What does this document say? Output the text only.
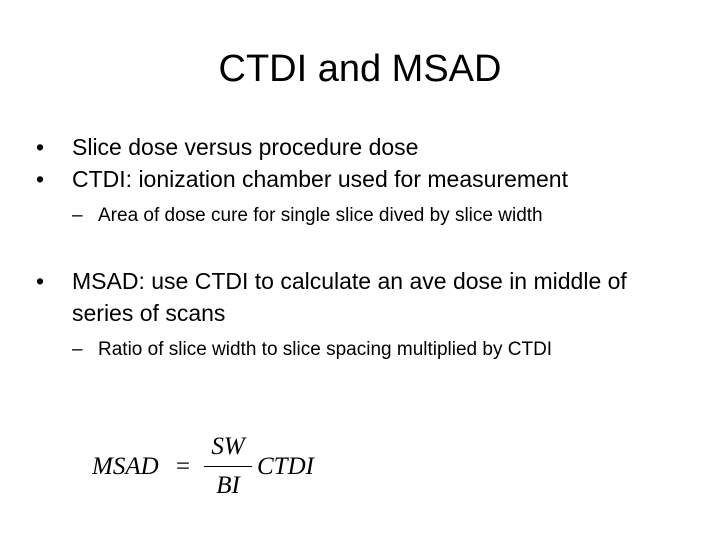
CTDI and MSAD
•	Slice dose versus procedure dose
•	CTDI: ionization chamber used for measurement
– Area of dose cure for single slice dived by slice width
•	MSAD: use CTDI to calculate an ave dose in middle of series of scans
– Ratio of slice width to slice spacing multiplied by CTDI
MSAD =
SW
BI
CTDI
